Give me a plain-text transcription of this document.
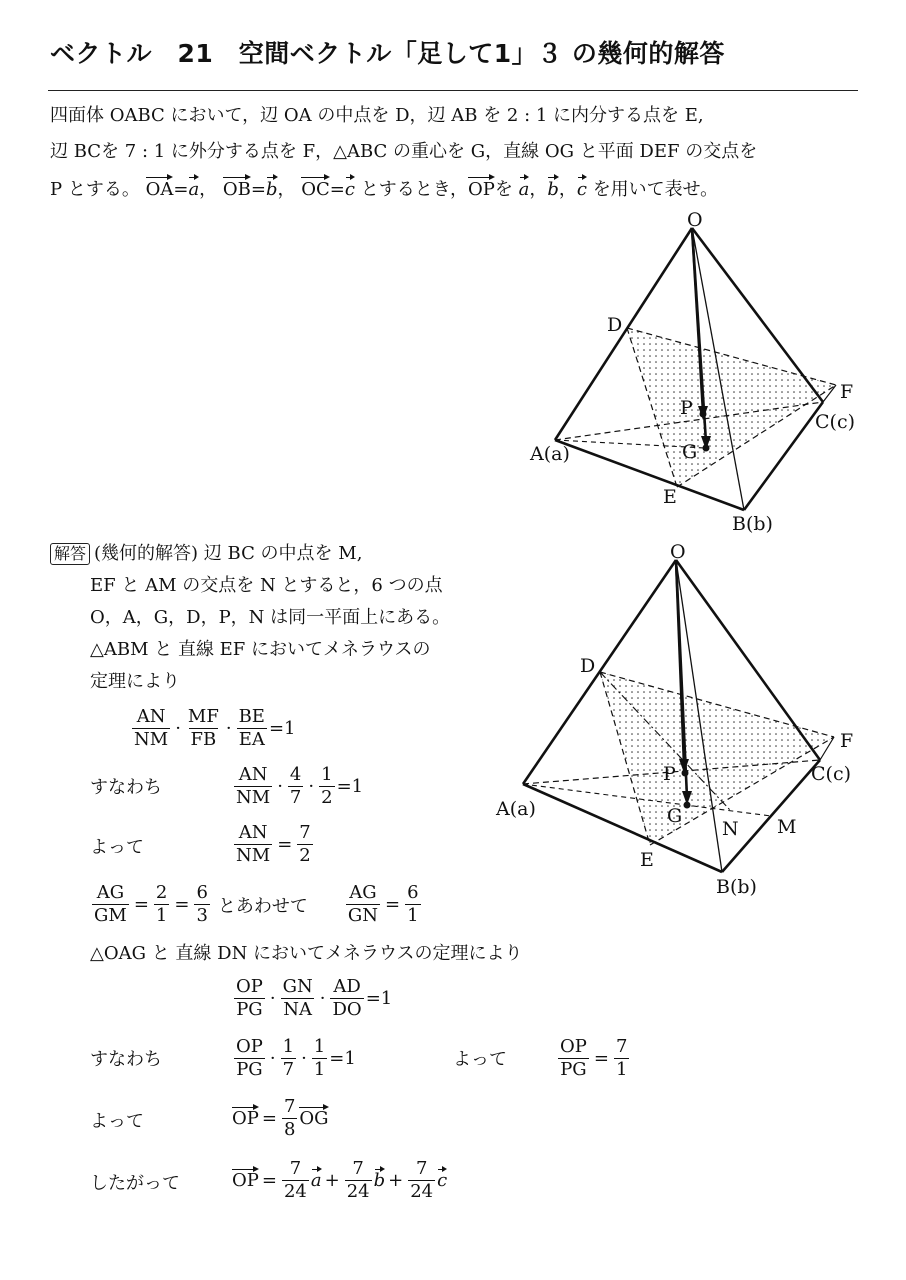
ベクトル　21　空間ベクトル「足して1」３ の幾何的解答
四面体 OABC において，辺 OA の中点を D，辺 AB を 2 : 1 に内分する点を E,
辺 BCを 7 : 1 に外分する点を F，△ABC の重心を G，直線 OG と平面 DEF の交点を
P とする。 OA=a， OB=b， OC=c とするとき，OPを a，b，c を用いて表せ。
O
D
F
P
C(c)
A(a)	G
E
B(b)
O
D
F
P	C(c)
A(a)	G
N M
E
B(b)
解答 (幾何的解答) 辺 BC の中点を M,
EF と AM の交点を N とすると，6 つの点
O，A，G，D，P，N は同一平面上にある。
△ABM と 直線 EF においてメネラウスの
定理により
$\frac{AN}{NM} \cdot \frac{MF}{FB} \cdot \frac{BE}{EA} =1$
すなわち	$\frac{AN}{NM} \cdot \frac{4}{7} \cdot \frac{1}{2} =1$
よって	$\frac{AN}{NM} = \frac{7}{2}$
$\frac{AG}{GM} = \frac{2}{1} = \frac{6}{3}$ とあわせて $\frac{AG}{GN} = \frac{6}{1}$
△OAG と 直線 DN においてメネラウスの定理により
$\frac{OP}{PG} \cdot \frac{GN}{NA} \cdot \frac{AD}{DO} =1$
すなわち	$\frac{OP}{PG} \cdot \frac{1}{7} \cdot \frac{1}{1} =1$	よって	$\frac{OP}{PG} = \frac{7}{1}$
よって	OP = $\frac{7}{8}$ OG
したがって	OP = $\frac{7}{24}$ $a + \frac{7}{24}$ $b + \frac{7}{24}$ c
